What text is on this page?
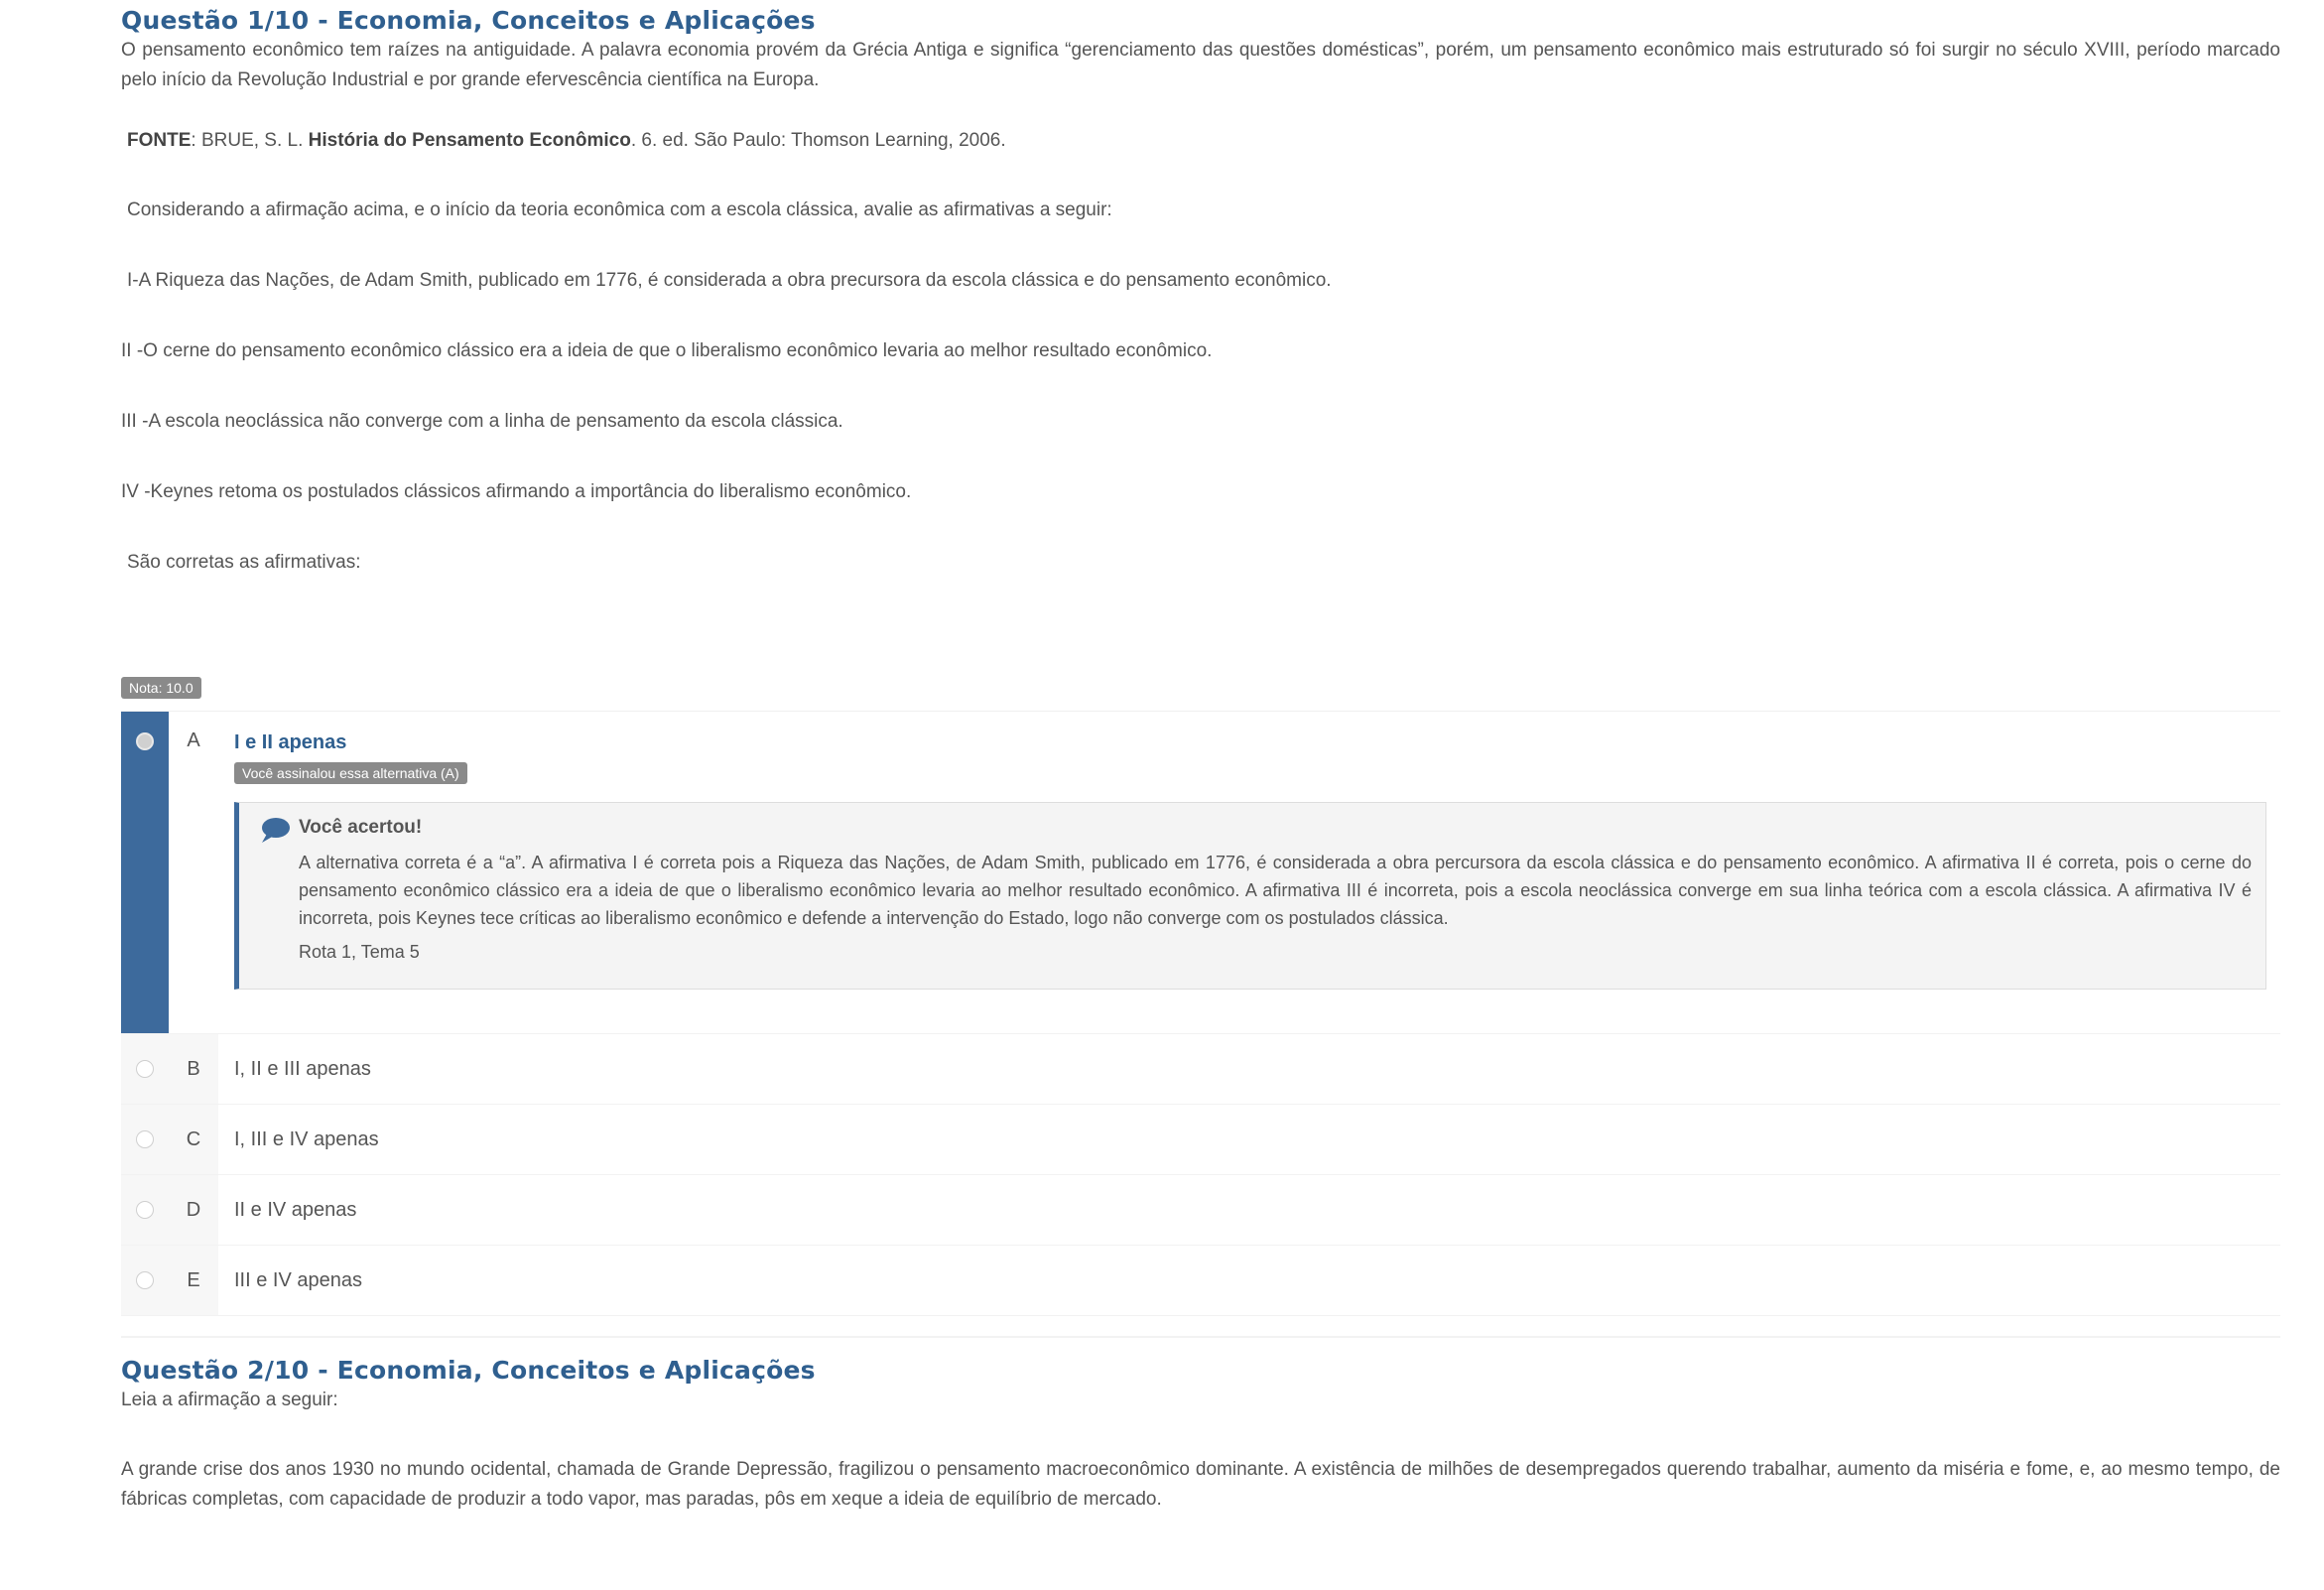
Questão 1/10 - Economia, Conceitos e Aplicações

O pensamento econômico tem raízes na antiguidade. A palavra economia provém da Grécia Antiga e significa “gerenciamento das questões domésticas”, porém, um pensamento econômico mais estruturado só foi surgir no século XVIII, período marcado pelo início da Revolução Industrial e por grande efervescência científica na Europa.

FONTE: BRUE, S. L. História do Pensamento Econômico. 6. ed. São Paulo: Thomson Learning, 2006.

Considerando a afirmação acima, e o início da teoria econômica com a escola clássica, avalie as afirmativas a seguir:

I-A Riqueza das Nações, de Adam Smith, publicado em 1776, é considerada a obra precursora da escola clássica e do pensamento econômico.

II -O cerne do pensamento econômico clássico era a ideia de que o liberalismo econômico levaria ao melhor resultado econômico.

III -A escola neoclássica não converge com a linha de pensamento da escola clássica.

IV -Keynes retoma os postulados clássicos afirmando a importância do liberalismo econômico.

São corretas as afirmativas:

Nota: 10.0
A	I e II apenas
Você assinalou essa alternativa (A)
Você acertou!
A alternativa correta é a “a”. A afirmativa I é correta pois a Riqueza das Nações, de Adam Smith, publicado em 1776, é considerada a obra percursora da escola clássica e do pensamento econômico. A afirmativa II é correta, pois o cerne do pensamento econômico clássico era a ideia de que o liberalismo econômico levaria ao melhor resultado econômico. A afirmativa III é incorreta, pois a escola neoclássica converge em sua linha teórica com a escola clássica. A afirmativa IV é incorreta, pois Keynes tece críticas ao liberalismo econômico e defende a intervenção do Estado, logo não converge com os postulados clássica.
Rota 1, Tema 5
B	I, II e III apenas
C	I, III e IV apenas
D	II e IV apenas
E	III e IV apenas
Questão 2/10 - Economia, Conceitos e Aplicações

Leia a afirmação a seguir:

A grande crise dos anos 1930 no mundo ocidental, chamada de Grande Depressão, fragilizou o pensamento macroeconômico dominante. A existência de milhões de desempregados querendo trabalhar, aumento da miséria e fome, e, ao mesmo tempo, de fábricas completas, com capacidade de produzir a todo vapor, mas paradas, pôs em xeque a ideia de equilíbrio de mercado.
